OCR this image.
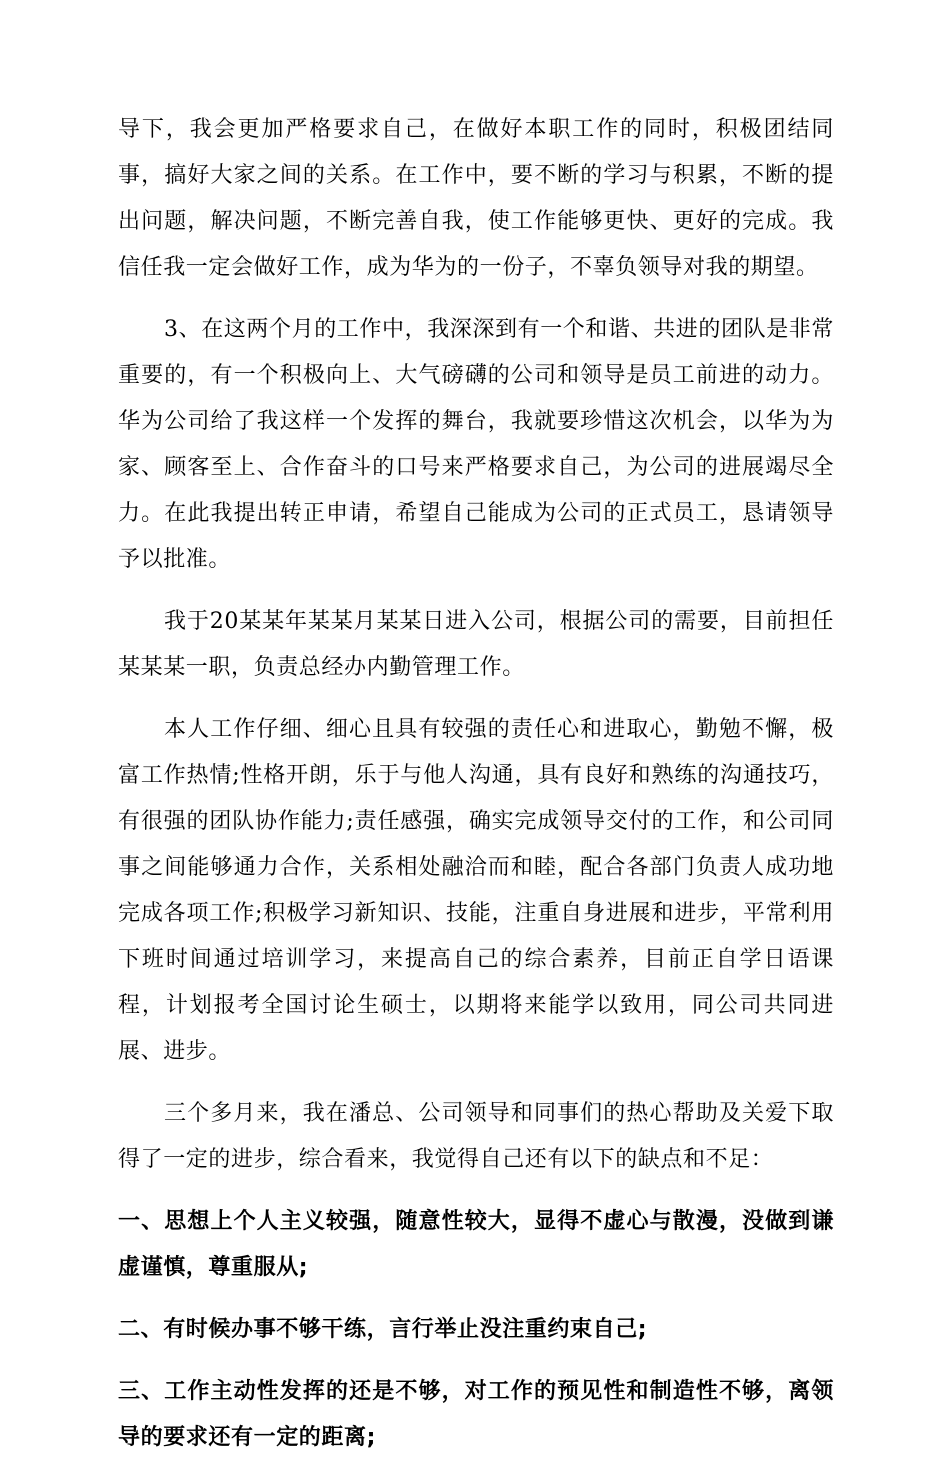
导下，我会更加严格要求自己，在做好本职工作的同时，积极团结同事，搞好大家之间的关系。在工作中，要不断的学习与积累，不断的提出问题，解决问题，不断完善自我，使工作能够更快、更好的完成。我信任我一定会做好工作，成为华为的一份子，不辜负领导对我的期望。

3、在这两个月的工作中，我深深到有一个和谐、共进的团队是非常重要的，有一个积极向上、大气磅礴的公司和领导是员工前进的动力。华为公司给了我这样一个发挥的舞台，我就要珍惜这次机会，以华为为家、顾客至上、合作奋斗的口号来严格要求自己，为公司的进展竭尽全力。在此我提出转正申请，希望自己能成为公司的正式员工，恳请领导予以批准。

我于20某某年某某月某某日进入公司，根据公司的需要，目前担任某某某一职，负责总经办内勤管理工作。

本人工作仔细、细心且具有较强的责任心和进取心，勤勉不懈，极富工作热情;性格开朗，乐于与他人沟通，具有良好和熟练的沟通技巧，有很强的团队协作能力;责任感强，确实完成领导交付的工作，和公司同事之间能够通力合作，关系相处融洽而和睦，配合各部门负责人成功地完成各项工作;积极学习新知识、技能，注重自身进展和进步，平常利用下班时间通过培训学习，来提高自己的综合素养，目前正自学日语课程，计划报考全国讨论生硕士，以期将来能学以致用，同公司共同进展、进步。

三个多月来，我在潘总、公司领导和同事们的热心帮助及关爱下取得了一定的进步，综合看来，我觉得自己还有以下的缺点和不足：

一、思想上个人主义较强，随意性较大，显得不虚心与散漫，没做到谦虚谨慎，尊重服从;

二、有时候办事不够干练，言行举止没注重约束自己;

三、工作主动性发挥的还是不够，对工作的预见性和制造性不够，离领导的要求还有一定的距离;
